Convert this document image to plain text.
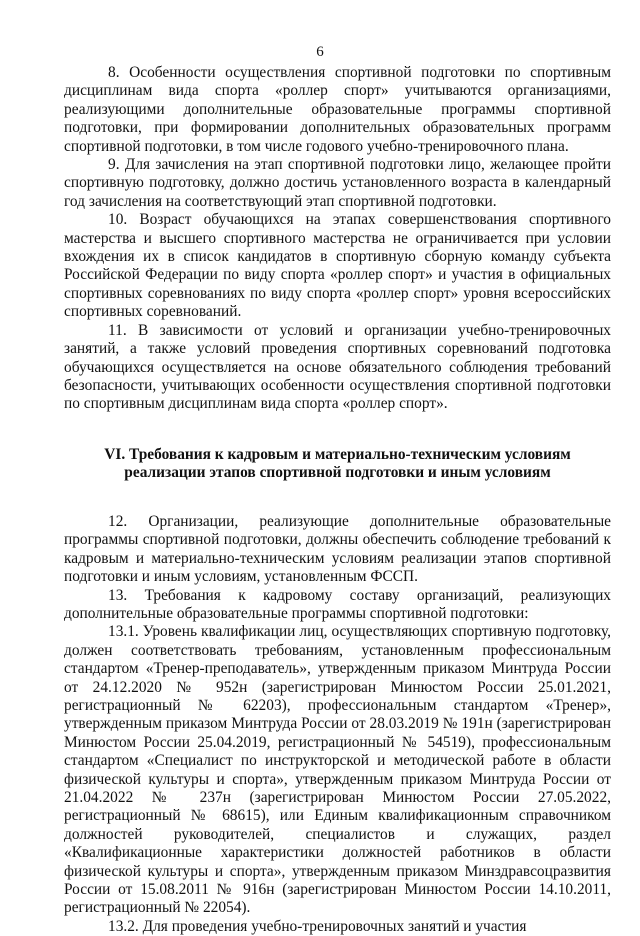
6

8. Особенности осуществления спортивной подготовки по спортивным дисциплинам вида спорта «роллер спорт» учитываются организациями, реализующими дополнительные образовательные программы спортивной подготовки, при формировании дополнительных образовательных программ спортивной подготовки, в том числе годового учебно-тренировочного плана.

9. Для зачисления на этап спортивной подготовки лицо, желающее пройти спортивную подготовку, должно достичь установленного возраста в календарный год зачисления на соответствующий этап спортивной подготовки.

10. Возраст обучающихся на этапах совершенствования спортивного мастерства и высшего спортивного мастерства не ограничивается при условии вхождения их в список кандидатов в спортивную сборную команду субъекта Российской Федерации по виду спорта «роллер спорт» и участия в официальных спортивных соревнованиях по виду спорта «роллер спорт» уровня всероссийских спортивных соревнований.

11. В зависимости от условий и организации учебно-тренировочных занятий, а также условий проведения спортивных соревнований подготовка обучающихся осуществляется на основе обязательного соблюдения требований безопасности, учитывающих особенности осуществления спортивной подготовки по спортивным дисциплинам вида спорта «роллер спорт».

VI. Требования к кадровым и материально-техническим условиям
реализации этапов спортивной подготовки и иным условиям

12. Организации, реализующие дополнительные образовательные программы спортивной подготовки, должны обеспечить соблюдение требований к кадровым и материально-техническим условиям реализации этапов спортивной подготовки и иным условиям, установленным ФССП.

13. Требования к кадровому составу организаций, реализующих дополнительные образовательные программы спортивной подготовки:

13.1. Уровень квалификации лиц, осуществляющих спортивную подготовку, должен соответствовать требованиям, установленным профессиональным стандартом «Тренер-преподаватель», утвержденным приказом Минтруда России от 24.12.2020 № 952н (зарегистрирован Минюстом России 25.01.2021, регистрационный № 62203), профессиональным стандартом «Тренер», утвержденным приказом Минтруда России от 28.03.2019 № 191н (зарегистрирован Минюстом России 25.04.2019, регистрационный № 54519), профессиональным стандартом «Специалист по инструкторской и методической работе в области физической культуры и спорта», утвержденным приказом Минтруда России от 21.04.2022 № 237н (зарегистрирован Минюстом России 27.05.2022, регистрационный № 68615), или Единым квалификационным справочником должностей руководителей, специалистов и служащих, раздел «Квалификационные характеристики должностей работников в области физической культуры и спорта», утвержденным приказом Минздравсоцразвития России от 15.08.2011 № 916н (зарегистрирован Минюстом России 14.10.2011, регистрационный № 22054).

13.2. Для проведения учебно-тренировочных занятий и участия
